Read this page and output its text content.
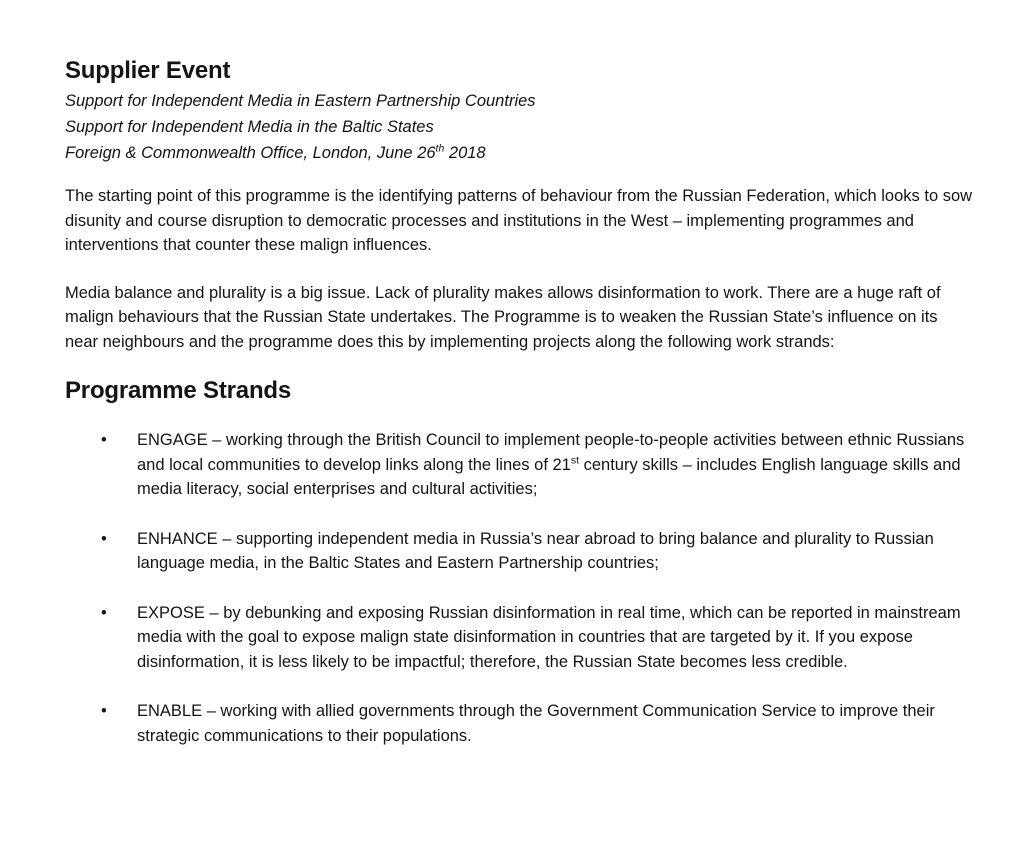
Supplier Event

Support for Independent Media in Eastern Partnership Countries

Support for Independent Media in the Baltic States

Foreign & Commonwealth Office, London, June 26th 2018

The starting point of this programme is the identifying patterns of behaviour from the Russian Federation, which looks to sow disunity and course disruption to democratic processes and institutions in the West – implementing programmes and interventions that counter these malign influences.

Media balance and plurality is a big issue. Lack of plurality makes allows disinformation to work. There are a huge raft of malign behaviours that the Russian State undertakes. The Programme is to weaken the Russian State’s influence on its near neighbours and the programme does this by implementing projects along the following work strands:

Programme Strands
• ENGAGE – working through the British Council to implement people-to-people activities between ethnic Russians and local communities to develop links along the lines of 21st century skills – includes English language skills and media literacy, social enterprises and cultural activities;
• ENHANCE – supporting independent media in Russia’s near abroad to bring balance and plurality to Russian language media, in the Baltic States and Eastern Partnership countries;
• EXPOSE – by debunking and exposing Russian disinformation in real time, which can be reported in mainstream media with the goal to expose malign state disinformation in countries that are targeted by it. If you expose disinformation, it is less likely to be impactful; therefore, the Russian State becomes less credible.
• ENABLE – working with allied governments through the Government Communication Service to improve their strategic communications to their populations.
